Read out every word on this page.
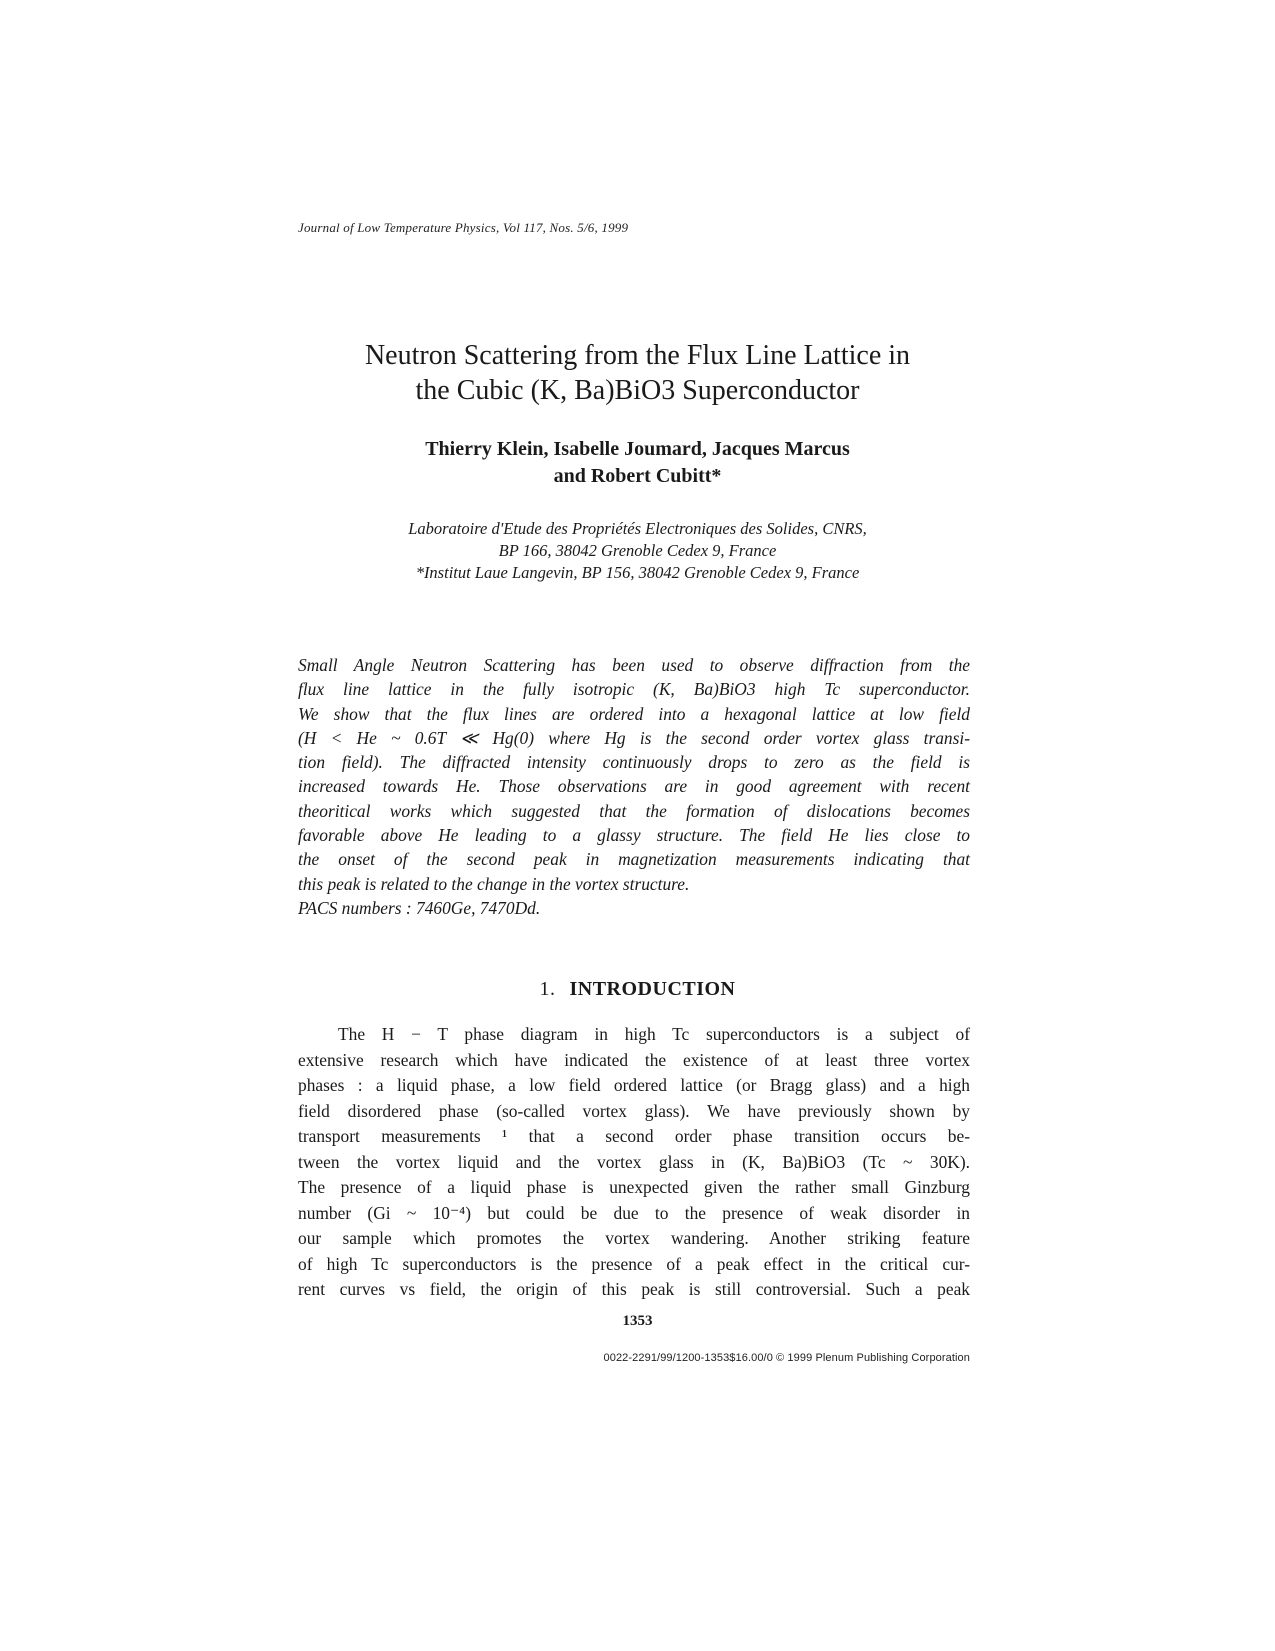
Journal of Low Temperature Physics, Vol 117, Nos. 5/6, 1999
Neutron Scattering from the Flux Line Lattice in
the Cubic (K, Ba)BiO3 Superconductor
Thierry Klein, Isabelle Joumard, Jacques Marcus
and Robert Cubitt*
Laboratoire d'Etude des Propriétés Electroniques des Solides, CNRS,
BP 166, 38042 Grenoble Cedex 9, France
*Institut Laue Langevin, BP 156, 38042 Grenoble Cedex 9, France
Small Angle Neutron Scattering has been used to observe diffraction from the
flux line lattice in the fully isotropic (K, Ba)BiO3 high Tc superconductor.
We show that the flux lines are ordered into a hexagonal lattice at low field
(H < He ~ 0.6T ≪ Hg(0) where Hg is the second order vortex glass transi-
tion field). The diffracted intensity continuously drops to zero as the field is
increased towards He. Those observations are in good agreement with recent
theoritical works which suggested that the formation of dislocations becomes
favorable above He leading to a glassy structure. The field He lies close to
the onset of the second peak in magnetization measurements indicating that
this peak is related to the change in the vortex structure.
PACS numbers : 7460Ge, 7470Dd.
1. INTRODUCTION
The H − T phase diagram in high Tc superconductors is a subject of
extensive research which have indicated the existence of at least three vortex
phases : a liquid phase, a low field ordered lattice (or Bragg glass) and a high
field disordered phase (so-called vortex glass). We have previously shown by
transport measurements ¹ that a second order phase transition occurs be-
tween the vortex liquid and the vortex glass in (K, Ba)BiO3 (Tc ~ 30K).
The presence of a liquid phase is unexpected given the rather small Ginzburg
number (Gi ~ 10⁻⁴) but could be due to the presence of weak disorder in
our sample which promotes the vortex wandering. Another striking feature
of high Tc superconductors is the presence of a peak effect in the critical cur-
rent curves vs field, the origin of this peak is still controversial. Such a peak
1353
0022-2291/99/1200-1353$16.00/0 © 1999 Plenum Publishing Corporation
